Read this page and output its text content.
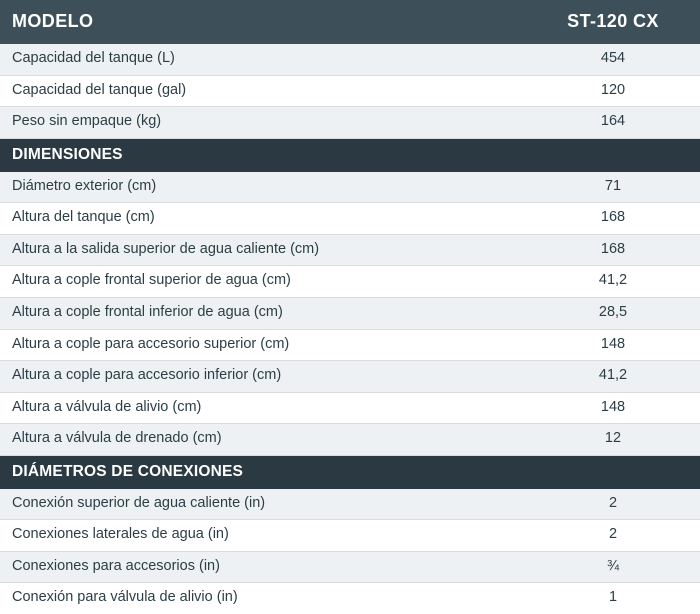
MODELO	ST-120 CX
Capacidad del tanque (L)	454
Capacidad del tanque (gal)	120
Peso sin empaque (kg)	164
DIMENSIONES	
Diámetro exterior (cm)	71
Altura del tanque (cm)	168
Altura a la salida superior de agua caliente (cm)	168
Altura a cople frontal superior de agua (cm)	41,2
Altura a cople frontal inferior de agua (cm)	28,5
Altura a cople para accesorio superior (cm)	148
Altura a cople para accesorio inferior (cm)	41,2
Altura a válvula de alivio (cm)	148
Altura a válvula de drenado (cm)	12
DIÁMETROS DE CONEXIONES	
Conexión superior de agua caliente (in)	2
Conexiones laterales de agua (in)	2
Conexiones para accesorios (in)	¾
Conexión para válvula de alivio (in)	1
